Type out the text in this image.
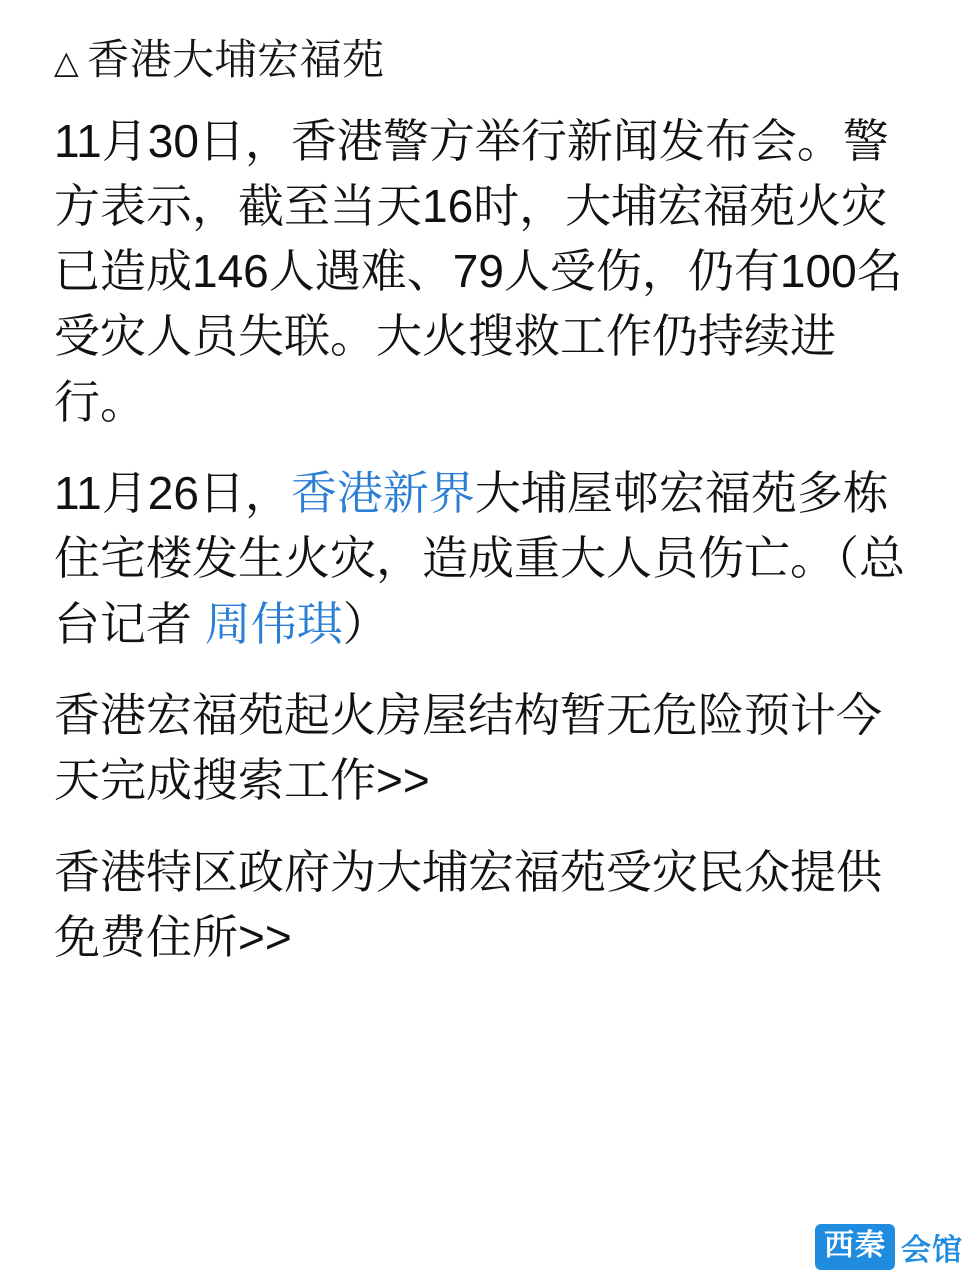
△ 香港大埔宏福苑

11月30日，香港警方举行新闻发布会。警方表示，截至当天16时，大埔宏福苑火灾已造成146人遇难、79人受伤，仍有100名受灾人员失联。大火搜救工作仍持续进行。

11月26日，香港新界大埔屋邨宏福苑多栋住宅楼发生火灾，造成重大人员伤亡。（总台记者 周伟琪）

香港宏福苑起火房屋结构暂无危险预计今天完成搜索工作>>

香港特区政府为大埔宏福苑受灾民众提供免费住所>>

西秦 会馆
